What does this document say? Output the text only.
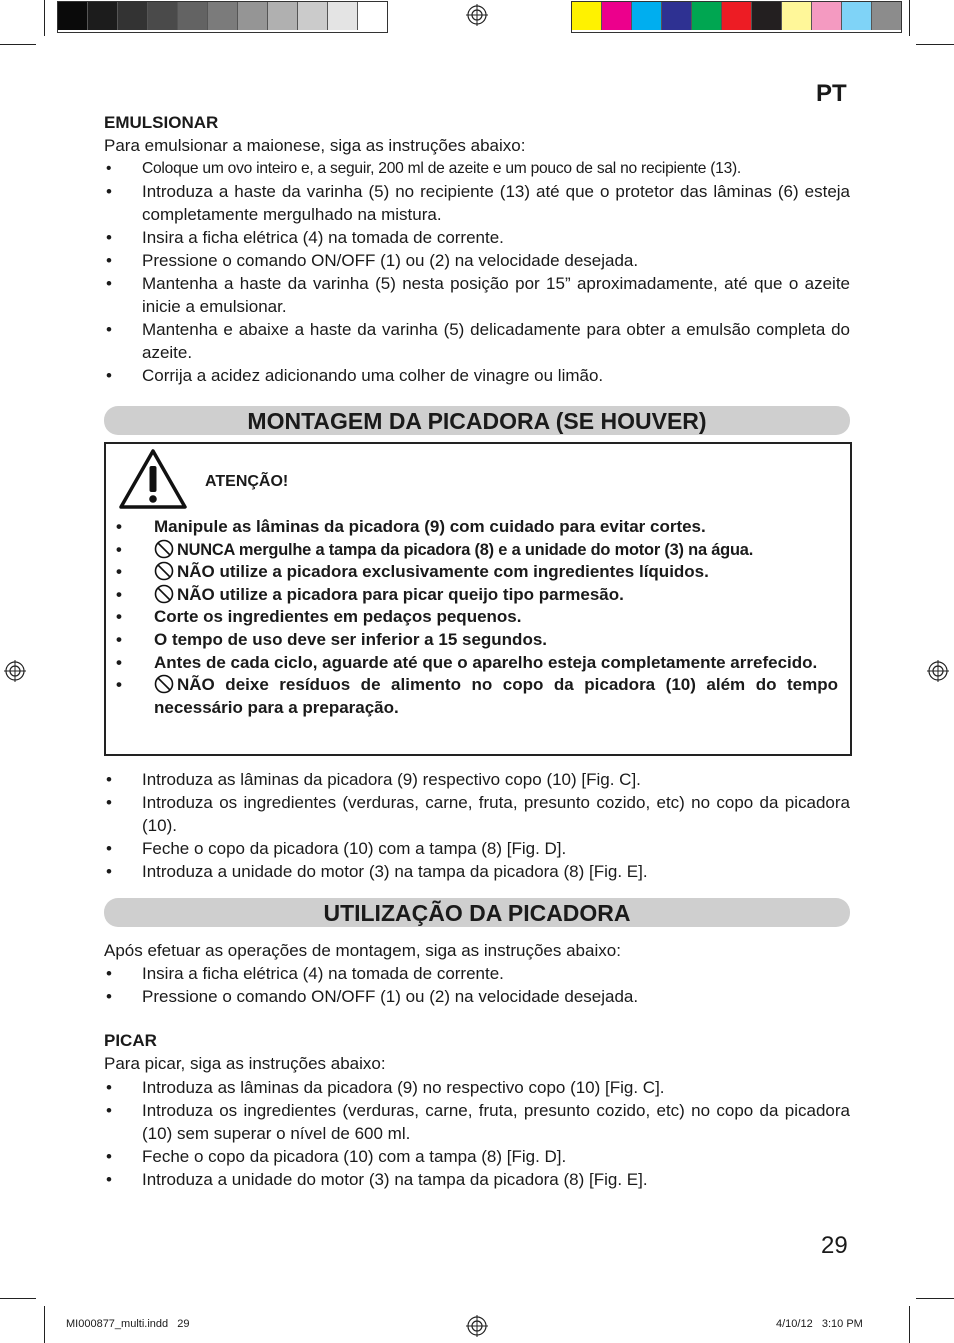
PT
EMULSIONAR
Para emulsionar a maionese, siga as instruções abaixo:
• Coloque um ovo inteiro e, a seguir, 200 ml de azeite e um pouco de sal no recipiente (13).
• Introduza a haste da varinha (5) no recipiente (13) até que o protetor das lâminas (6) esteja completamente mergulhado na mistura.
• Insira a ficha elétrica (4) na tomada de corrente.
• Pressione o comando ON/OFF (1) ou (2) na velocidade desejada.
• Mantenha a haste da varinha (5) nesta posição por 15” aproximadamente, até que o azeite inicie a emulsionar.
• Mantenha e abaixe a haste da varinha (5) delicadamente para obter a emulsão completa do azeite.
• Corrija a acidez adicionando uma colher de vinagre ou limão.
MONTAGEM DA PICADORA (SE HOUVER)
ATENÇÃO!
• Manipule as lâminas da picadora (9) com cuidado para evitar cortes.
• NUNCA mergulhe a tampa da picadora (8) e a unidade do motor (3) na água.
• NÃO utilize a picadora exclusivamente com ingredientes líquidos.
• NÃO utilize a picadora para picar queijo tipo parmesão.
• Corte os ingredientes em pedaços pequenos.
• O tempo de uso deve ser inferior a 15 segundos.
• Antes de cada ciclo, aguarde até que o aparelho esteja completamente arrefecido.
• NÃO deixe resíduos de alimento no copo da picadora (10) além do tempo necessário para a preparação.
• Introduza as lâminas da picadora (9) respectivo copo (10) [Fig. C].
• Introduza os ingredientes (verduras, carne, fruta, presunto cozido, etc) no copo da picadora (10).
• Feche o copo da picadora (10) com a tampa (8) [Fig. D].
• Introduza a unidade do motor (3) na tampa da picadora (8) [Fig. E].
UTILIZAÇÃO DA PICADORA
Após efetuar as operações de montagem, siga as instruções abaixo:
• Insira a ficha elétrica (4) na tomada de corrente.
• Pressione o comando ON/OFF (1) ou (2) na velocidade desejada.
PICAR
Para picar, siga as instruções abaixo:
• Introduza as lâminas da picadora (9) no respectivo copo (10) [Fig. C].
• Introduza os ingredientes (verduras, carne, fruta, presunto cozido, etc) no copo da picadora (10) sem superar o nível de 600 ml.
• Feche o copo da picadora (10) com a tampa (8) [Fig. D].
• Introduza a unidade do motor (3) na tampa da picadora (8) [Fig. E].
29
MI000877_multi.indd   29	4/10/12   3:10 PM
